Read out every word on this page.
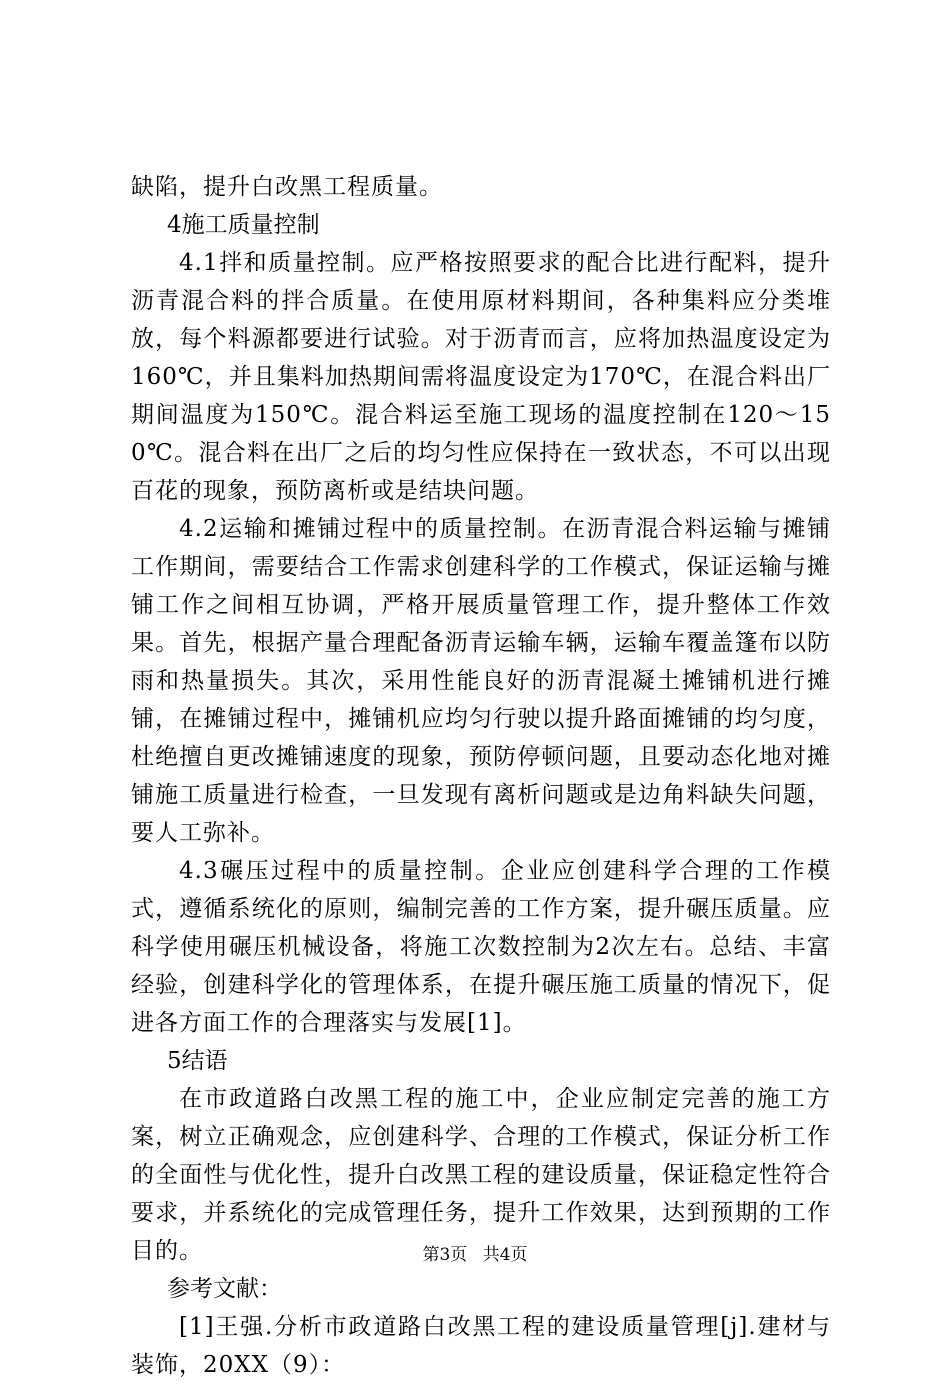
缺陷，提升白改黑工程质量。

4施工质量控制

4.1拌和质量控制。应严格按照要求的配合比进行配料，提升沥青混合料的拌合质量。在使用原材料期间，各种集料应分类堆放，每个料源都要进行试验。对于沥青而言，应将加热温度设定为160℃，并且集料加热期间需将温度设定为170℃，在混合料出厂期间温度为150℃。混合料运至施工现场的温度控制在120～150℃。混合料在出厂之后的均匀性应保持在一致状态，不可以出现百花的现象，预防离析或是结块问题。

4.2运输和摊铺过程中的质量控制。在沥青混合料运输与摊铺工作期间，需要结合工作需求创建科学的工作模式，保证运输与摊铺工作之间相互协调，严格开展质量管理工作，提升整体工作效果。首先，根据产量合理配备沥青运输车辆，运输车覆盖篷布以防雨和热量损失。其次，采用性能良好的沥青混凝土摊铺机进行摊铺，在摊铺过程中，摊铺机应均匀行驶以提升路面摊铺的均匀度，杜绝擅自更改摊铺速度的现象，预防停顿问题，且要动态化地对摊铺施工质量进行检查，一旦发现有离析问题或是边角料缺失问题，要人工弥补。

4.3碾压过程中的质量控制。企业应创建科学合理的工作模式，遵循系统化的原则，编制完善的工作方案，提升碾压质量。应科学使用碾压机械设备，将施工次数控制为2次左右。总结、丰富经验，创建科学化的管理体系，在提升碾压施工质量的情况下，促进各方面工作的合理落实与发展[1]。

5结语

在市政道路白改黑工程的施工中，企业应制定完善的施工方案，树立正确观念，应创建科学、合理的工作模式，保证分析工作的全面性与优化性，提升白改黑工程的建设质量，保证稳定性符合要求，并系统化的完成管理任务，提升工作效果，达到预期的工作目的。

参考文献：

[1]王强.分析市政道路白改黑工程的建设质量管理[j].建材与装饰，20XX（9）：

第3页 共4页
